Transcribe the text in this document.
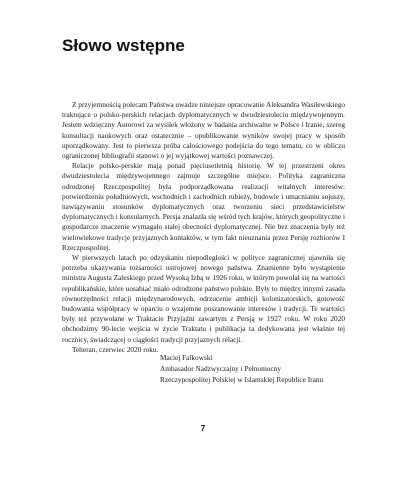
Słowo wstępne

Z przyjemnością polecam Państwa uwadze niniejsze opracowanie Aleksandra Wasilewskiego traktujące o polsko-perskich relacjach dyplomatycznych w dwudziestoleciu międzywojennym. Jestem wdzięczny Autorowi za wysiłek włożony w badania archiwalne w Polsce i Iranie, szereg konsultacji naukowych oraz ostatecznie – opublikowanie wyników swojej pracy w sposób uporządkowany. Jest to pierwsza próba całościowego podejścia do tego tematu, co w obliczu ograniczonej bibliografii stanowi o jej wyjątkowej wartości poznawczej.

Relacje polsko-perskie mają ponad pięciusetletnią historię. W tej przestrzeni okres dwudziestolecia międzywojennego zajmuje szczególne miejsce. Polityka zagraniczna odrodzonej Rzeczpospolitej była podporządkowana realizacji witalnych interesów: potwierdzeniu południowych, wschodnich i zachodnich rubieży, budowie i umacnianiu sojuszy, nawiązywaniu stosunków dyplomatycznych oraz tworzeniu sieci przedstawicielstw dyplomatycznych i konsularnych. Persja znalazła się wśród tych krajów, których geopolityczne i gospodarcze znaczenie wymagało stałej obecności dyplomatycznej. Nie bez znaczenia były też wielowiekowe tradycje przyjaznych kontaktów, w tym fakt nieuznania przez Persję rozbiorów I Rzeczpospolitej.

W pierwszych latach po odzyskaniu niepodległości w polityce zagranicznej ujawniła się potrzeba ukazywania tożsamości ustrojowej nowego państwa. Znamienne było wystąpienie ministra Augusta Zaleskiego przed Wysoką Izbą w 1926 roku, w którym powołał się na wartości republikańskie, które uosabiać miało odrodzone państwo polskie. Były to między innymi zasada równorzędności relacji międzynarodowych, odrzucenie ambicji kolonizatorskich, gotowość budowania współpracy w oparciu o wzajemne poszanowanie interesów i tradycji. Te wartości były też przywołane w Traktacie Przyjaźni zawartym z Persją w 1927 roku. W roku 2020 obchodzimy 90-lecie wejścia w życie Traktatu i publikacja ta dedykowana jest właśnie tej rocznicy, świadczącej o ciągłości tradycji przyjaznych relacji.

Teheran, czerwiec 2020 roku.

Maciej Falkowski
Ambasador Nadzwyczajny i Pełnomocny
Rzeczypospolitej Polskiej w Islamskiej Republice Iranu
7
